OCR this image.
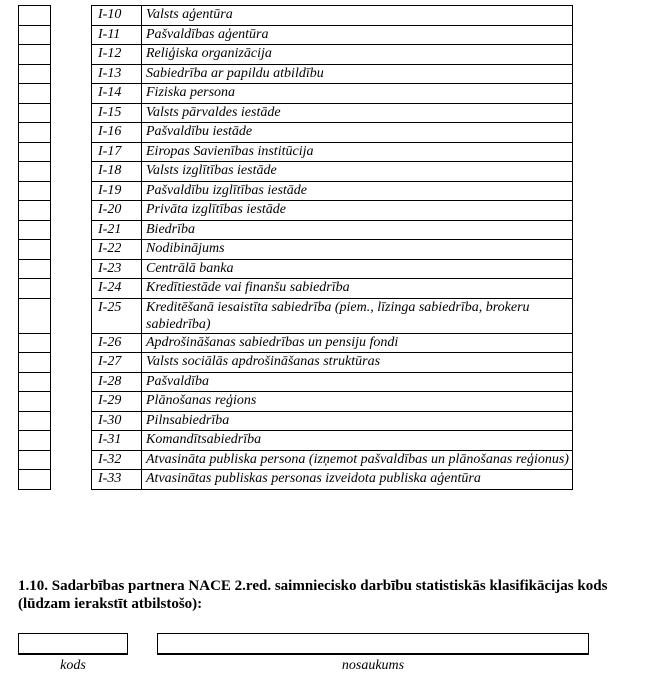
		I-10	Valsts aģentūra
		I-11	Pašvaldības aģentūra
		I-12	Reliģiska organizācija
		I-13	Sabiedrība ar papildu atbildību
		I-14	Fiziska persona
		I-15	Valsts pārvaldes iestāde
		I-16	Pašvaldību iestāde
		I-17	Eiropas Savienības institūcija
		I-18	Valsts izglītības iestāde
		I-19	Pašvaldību izglītības iestāde
		I-20	Privāta izglītības iestāde
		I-21	Biedrība
		I-22	Nodibinājums
		I-23	Centrālā banka
		I-24	Kredītiestāde vai finanšu sabiedrība
		I-25	Kreditēšanā iesaistīta sabiedrība (piem., līzinga sabiedrība, brokeru sabiedrība)
		I-26	Apdrošināšanas sabiedrības un pensiju fondi
		I-27	Valsts sociālās apdrošināšanas struktūras
		I-28	Pašvaldība
		I-29	Plānošanas reģions
		I-30	Pilnsabiedrība
		I-31	Komandītsabiedrība
		I-32	Atvasināta publiska persona (izņemot pašvaldības un plānošanas reģionus)
		I-33	Atvasinātas publiskas personas izveidota publiska aģentūra

1.10. Sadarbības partnera NACE 2.red. saimniecisko darbību statistiskās klasifikācijas kods (lūdzam ierakstīt atbilstošo):

kods	nosaukums
